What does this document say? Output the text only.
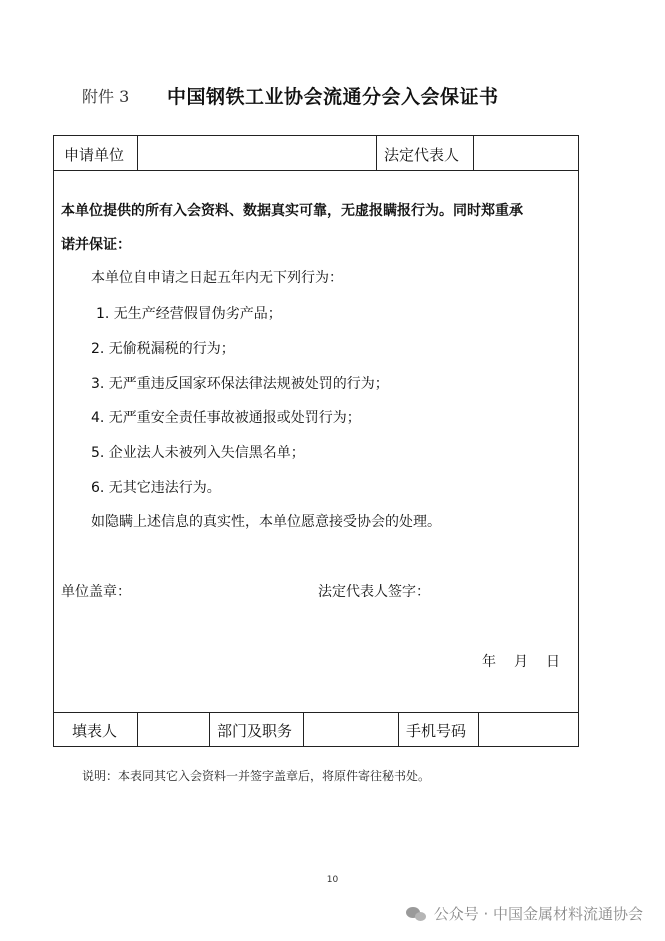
附件 3 中国钢铁工业协会流通分会入会保证书
申请单位	法定代表人
本单位提供的所有入会资料、数据真实可靠，无虚报瞒报行为。同时郑重承
诺并保证：
本单位自申请之日起五年内无下列行为：
1. 无生产经营假冒伪劣产品；
2. 无偷税漏税的行为；
3. 无严重违反国家环保法律法规被处罚的行为；
4. 无严重安全责任事故被通报或处罚行为；
5. 企业法人未被列入失信黑名单；
6. 无其它违法行为。
如隐瞒上述信息的真实性，本单位愿意接受协会的处理。
单位盖章：	法定代表人签字：
年　月　日
填表人	部门及职务	手机号码
说明：本表同其它入会资料一并签字盖章后，将原件寄往秘书处。
10
公众号 · 中国金属材料流通协会
